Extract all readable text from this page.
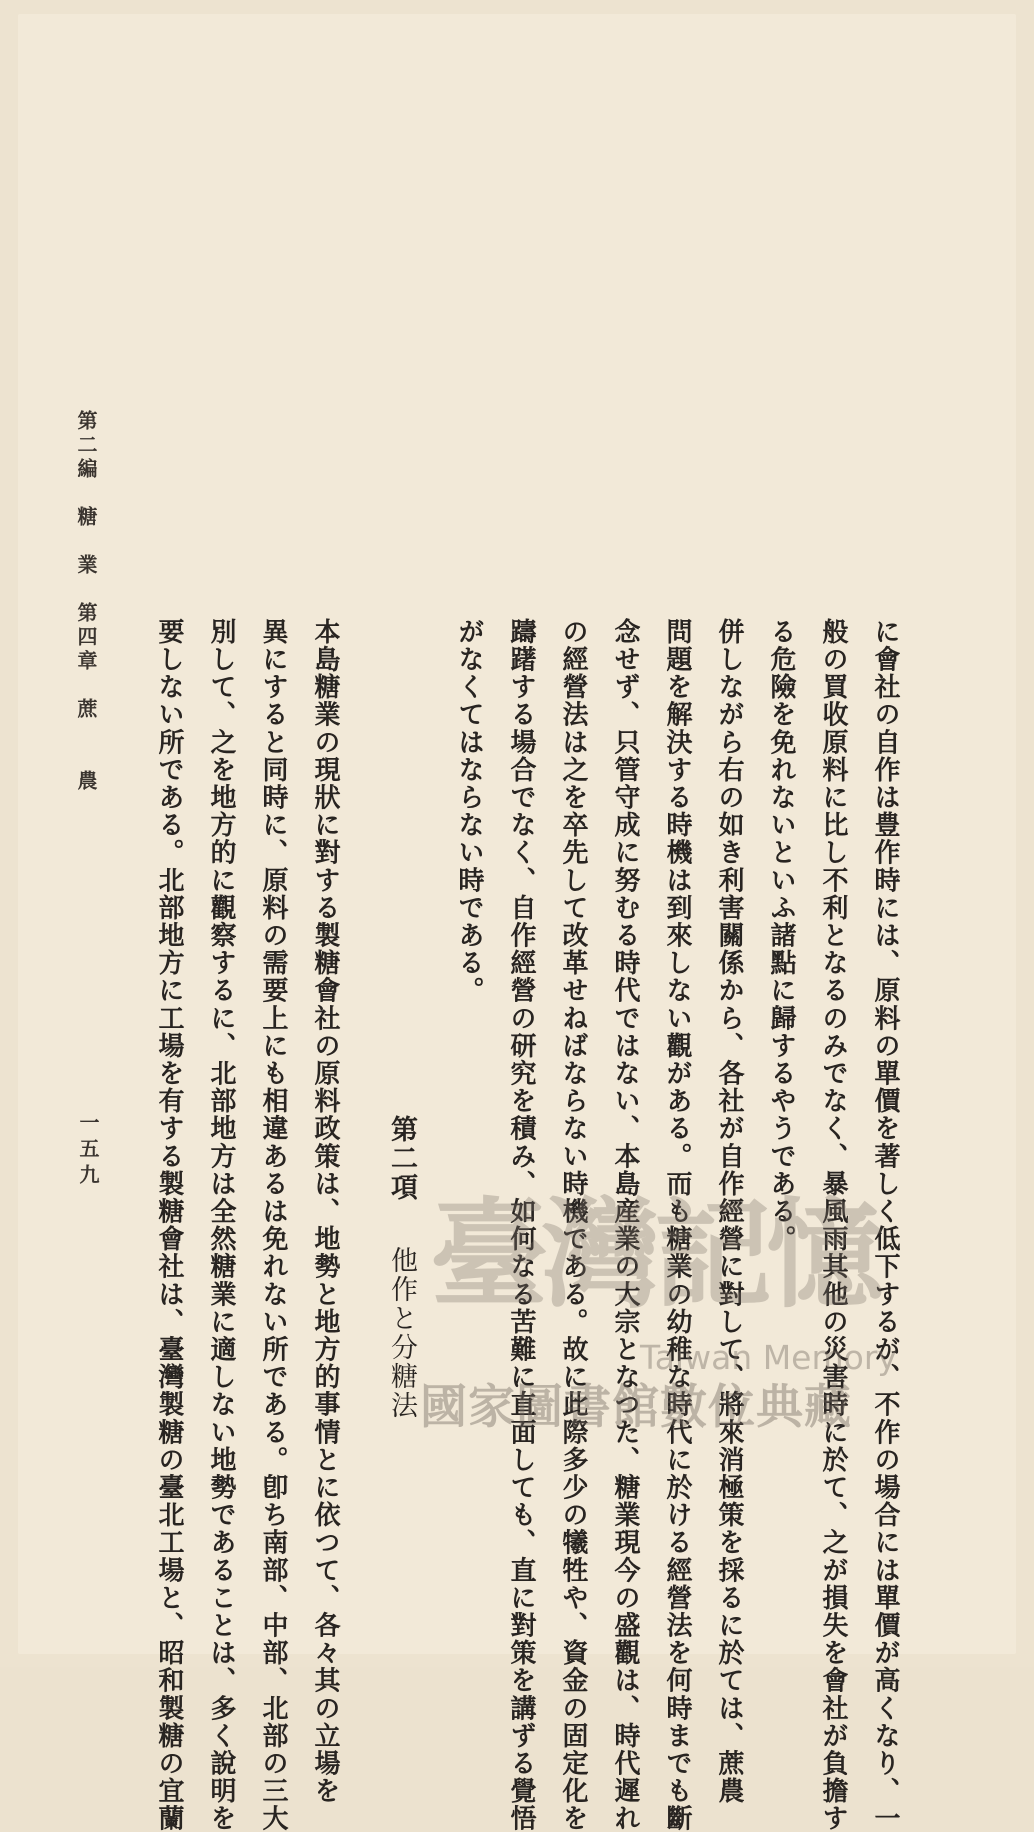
に會社の自作は豊作時には、原料の單價を著しく低下するが、不作の場合には單價が高くなり、一
般の買收原料に比し不利となるのみでなく、暴風雨其他の災害時に於て、之が損失を會社が負擔す
る危險を免れないといふ諸點に歸するやうである。
併しながら右の如き利害關係から、各社が自作經營に對して、將來消極策を採るに於ては、蔗農
問題を解決する時機は到來しない觀がある。而も糖業の幼稚な時代に於ける經營法を何時までも斷
念せず、只管守成に努むる時代ではない、本島産業の大宗となつた、糖業現今の盛觀は、時代遲れ
の經營法は之を卒先して改革せねばならない時機である。故に此際多少の犧牲や、資金の固定化を
躊躇する場合でなく、自作經營の研究を積み、如何なる苦難に直面しても、直に對策を講ずる覺悟
がなくてはならない時である。
第二項他作と分糖法
本島糖業の現狀に對する製糖會社の原料政策は、地勢と地方的事情とに依つて、各々其の立場を
異にすると同時に、原料の需要上にも相違あるは免れない所である。卽ち南部、中部、北部の三大
別して、之を地方的に觀察するに、北部地方は全然糖業に適しない地勢であることは、多く說明を
要しない所である。北部地方に工場を有する製糖會社は、臺灣製糖の臺北工場と、昭和製糖の宜蘭
第二編　糖　業　第四章　蔗　　農
一五九
臺灣記憶
Taiwan Memory
國家圖書館數位典藏
